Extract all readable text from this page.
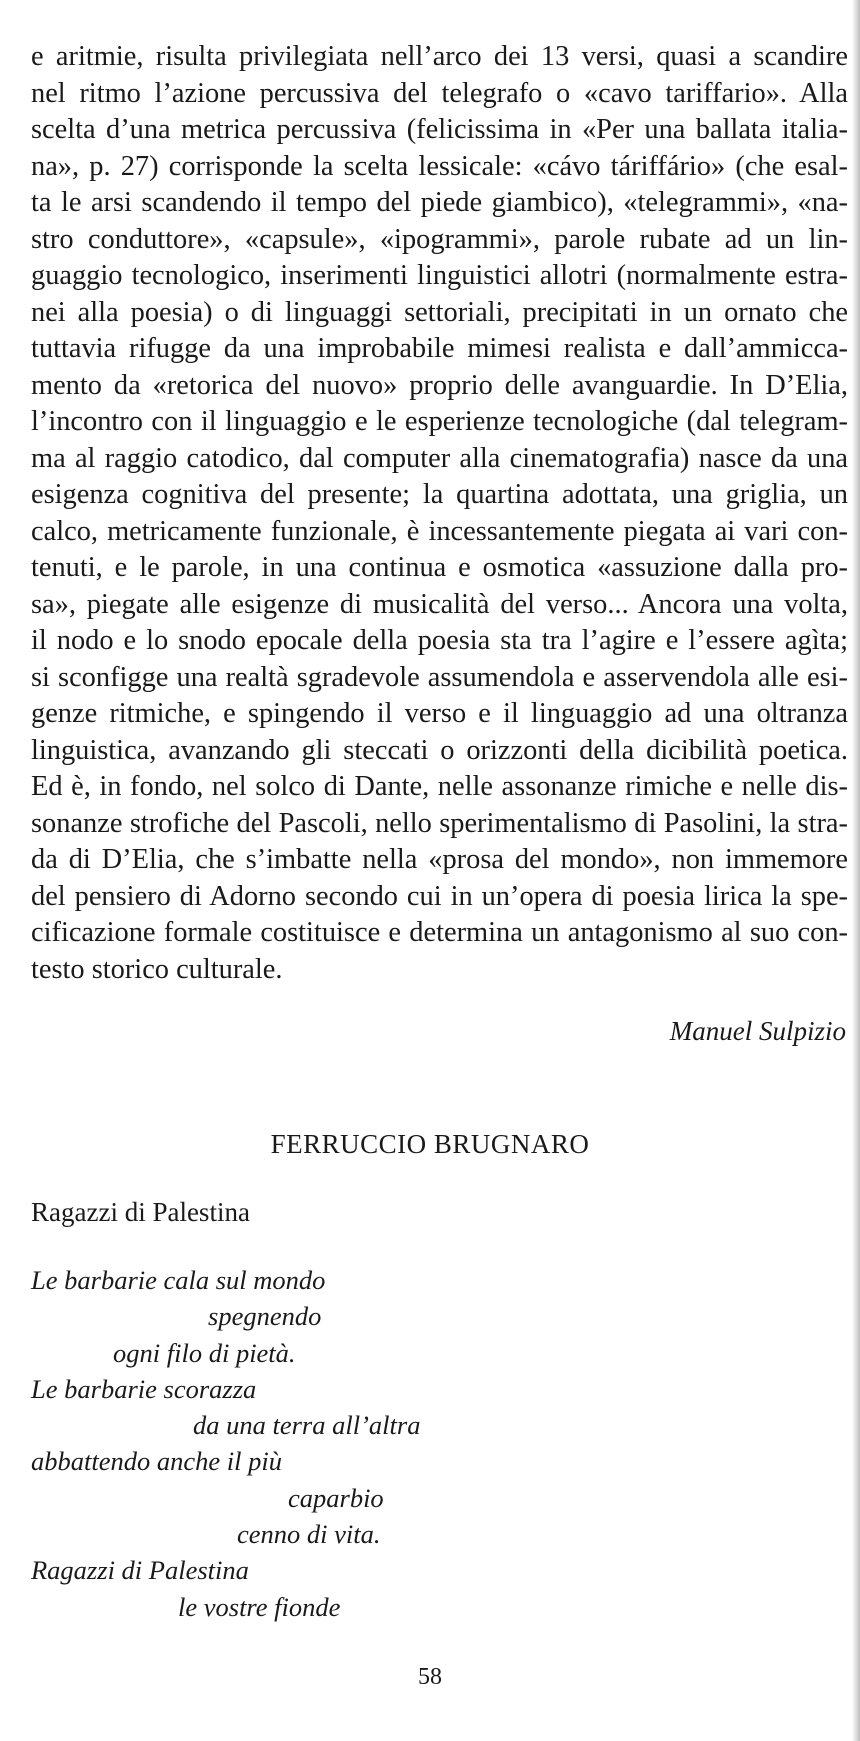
e aritmie, risulta privilegiata nell’arco dei 13 versi, quasi a scandire
nel ritmo l’azione percussiva del telegrafo o «cavo tariffario». Alla
scelta d’una metrica percussiva (felicissima in «Per una ballata italia-
na», p. 27) corrisponde la scelta lessicale: «cávo táriffário» (che esal-
ta le arsi scandendo il tempo del piede giambico), «telegrammi», «na-
stro conduttore», «capsule», «ipogrammi», parole rubate ad un lin-
guaggio tecnologico, inserimenti linguistici allotri (normalmente estra-
nei alla poesia) o di linguaggi settoriali, precipitati in un ornato che
tuttavia rifugge da una improbabile mimesi realista e dall’ammicca-
mento da «retorica del nuovo» proprio delle avanguardie. In D’Elia,
l’incontro con il linguaggio e le esperienze tecnologiche (dal telegram-
ma al raggio catodico, dal computer alla cinematografia) nasce da una
esigenza cognitiva del presente; la quartina adottata, una griglia, un
calco, metricamente funzionale, è incessantemente piegata ai vari con-
tenuti, e le parole, in una continua e osmotica «assuzione dalla pro-
sa», piegate alle esigenze di musicalità del verso... Ancora una volta,
il nodo e lo snodo epocale della poesia sta tra l’agire e l’essere agìta;
si sconfigge una realtà sgradevole assumendola e asservendola alle esi-
genze ritmiche, e spingendo il verso e il linguaggio ad una oltranza
linguistica, avanzando gli steccati o orizzonti della dicibilità poetica.
Ed è, in fondo, nel solco di Dante, nelle assonanze rimiche e nelle dis-
sonanze strofiche del Pascoli, nello sperimentalismo di Pasolini, la stra-
da di D’Elia, che s’imbatte nella «prosa del mondo», non immemore
del pensiero di Adorno secondo cui in un’opera di poesia lirica la spe-
cificazione formale costituisce e determina un antagonismo al suo con-
testo storico culturale.
Manuel Sulpizio
FERRUCCIO BRUGNARO
Ragazzi di Palestina
Le barbarie cala sul mondo
spegnendo
ogni filo di pietà.
Le barbarie scorazza
da una terra all’altra
abbattendo anche il più
caparbio
cenno di vita.
Ragazzi di Palestina
le vostre fionde
58
